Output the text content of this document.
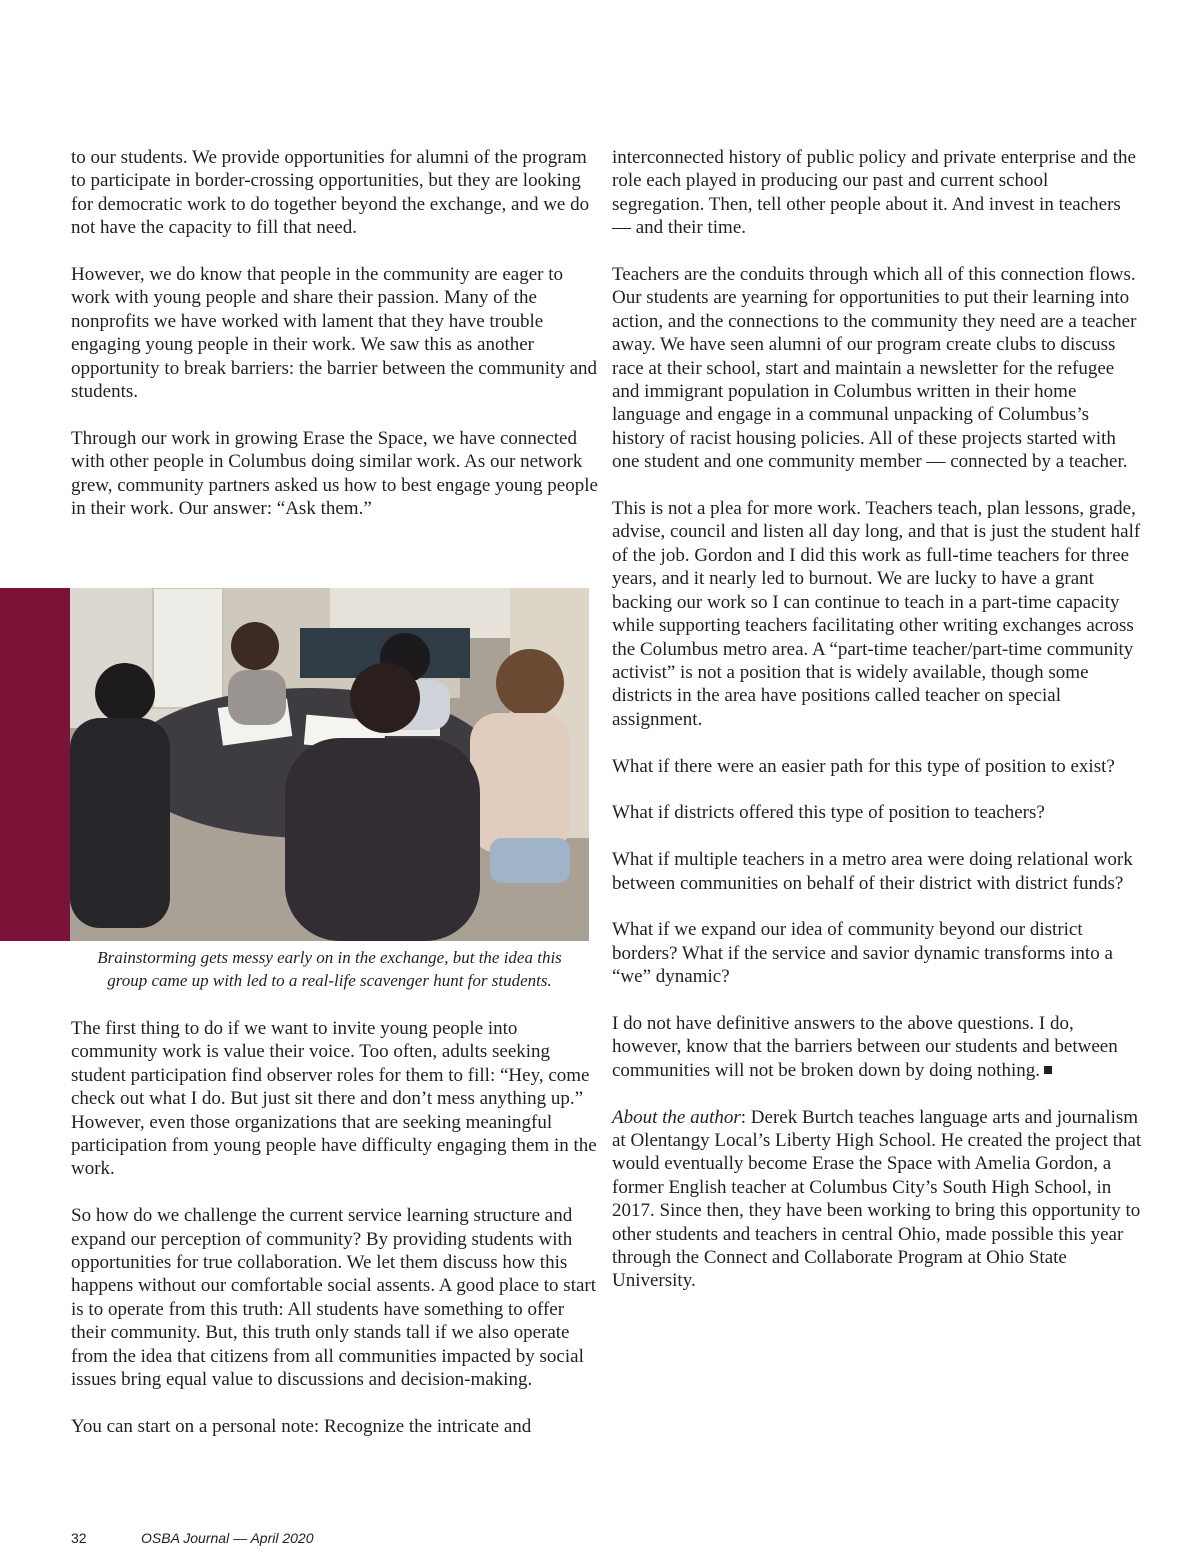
to our students. We provide opportunities for alumni of the program to participate in border-crossing opportunities, but they are looking for democratic work to do together beyond the exchange, and we do not have the capacity to fill that need.

However, we do know that people in the community are eager to work with young people and share their passion. Many of the nonprofits we have worked with lament that they have trouble engaging young people in their work. We saw this as another opportunity to break barriers: the barrier between the community and students.

Through our work in growing Erase the Space, we have connected with other people in Columbus doing similar work. As our network grew, community partners asked us how to best engage young people in their work. Our answer: “Ask them.”

Brainstorming gets messy early on in the exchange, but the idea this
group came up with led to a real-life scavenger hunt for students.

The first thing to do if we want to invite young people into community work is value their voice. Too often, adults seeking student participation find observer roles for them to fill: “Hey, come check out what I do. But just sit there and don’t mess anything up.” However, even those organizations that are seeking meaningful participation from young people have difficulty engaging them in the work.

So how do we challenge the current service learning structure and expand our perception of community? By providing students with opportunities for true collaboration. We let them discuss how this happens without our comfortable social assents. A good place to start is to operate from this truth: All students have something to offer their community. But, this truth only stands tall if we also operate from the idea that citizens from all communities impacted by social issues bring equal value to discussions and decision-making.

You can start on a personal note: Recognize the intricate and

interconnected history of public policy and private enterprise and the role each played in producing our past and current school segregation. Then, tell other people about it. And invest in teachers — and their time.

Teachers are the conduits through which all of this connection flows. Our students are yearning for opportunities to put their learning into action, and the connections to the community they need are a teacher away. We have seen alumni of our program create clubs to discuss race at their school, start and maintain a newsletter for the refugee and immigrant population in Columbus written in their home language and engage in a communal unpacking of Columbus’s history of racist housing policies. All of these projects started with one student and one community member — connected by a teacher.

This is not a plea for more work. Teachers teach, plan lessons, grade, advise, council and listen all day long, and that is just the student half of the job. Gordon and I did this work as full-time teachers for three years, and it nearly led to burnout. We are lucky to have a grant backing our work so I can continue to teach in a part-time capacity while supporting teachers facilitating other writing exchanges across the Columbus metro area. A “part-time teacher/part-time community activist” is not a position that is widely available, though some districts in the area have positions called teacher on special assignment.

What if there were an easier path for this type of position to exist?

What if districts offered this type of position to teachers?

What if multiple teachers in a metro area were doing relational work between communities on behalf of their district with district funds?

What if we expand our idea of community beyond our district borders? What if the service and savior dynamic transforms into a “we” dynamic?

I do not have definitive answers to the above questions. I do, however, know that the barriers between our students and between communities will not be broken down by doing nothing.

About the author: Derek Burtch teaches language arts and journalism at Olentangy Local’s Liberty High School. He created the project that would eventually become Erase the Space with Amelia Gordon, a former English teacher at Columbus City’s South High School, in 2017. Since then, they have been working to bring this opportunity to other students and teachers in central Ohio, made possible this year through the Connect and Collaborate Program at Ohio State University.

32	OSBA Journal — April 2020
